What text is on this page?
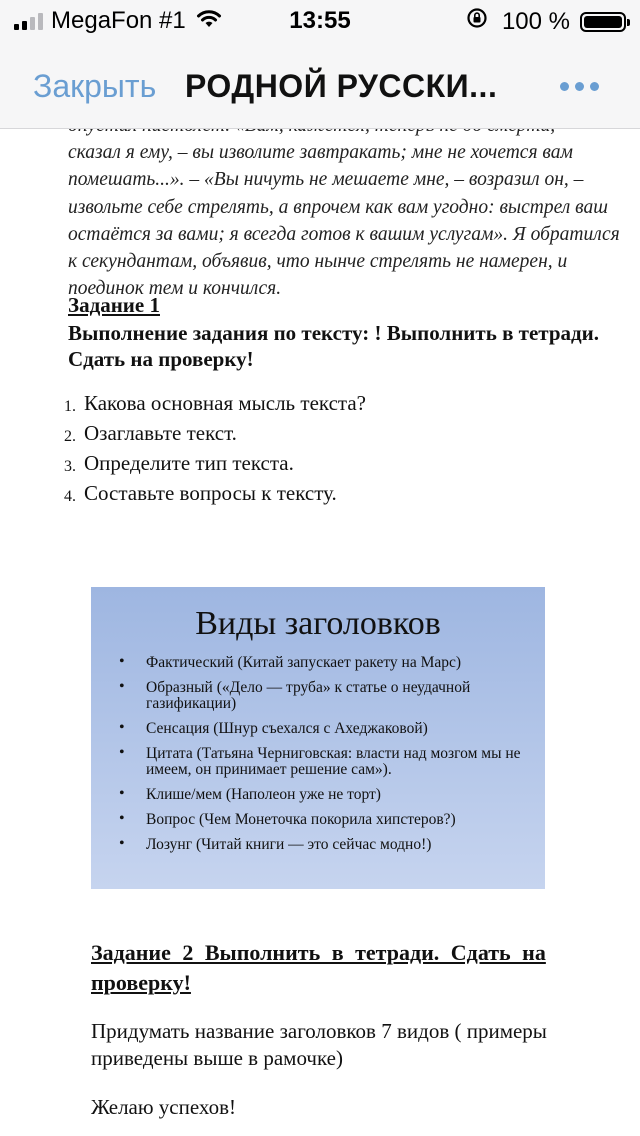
сказал я ему, – вы изволите завтракать; мне не хочется вам помешать...». – «Вы ничуть не мешаете мне, – возразил он, – извольте себе стрелять, а впрочем как вам угодно: выстрел ваш остаётся за вами; я всегда готов к вашим услугам». Я обратился к секундантам, объявив, что нынче стрелять не намерен, и поединок тем и кончился.

Задание 1

Выполнение задания по тексту: ! Выполнить в тетради. Сдать на проверку!

1. Какова основная мысль текста?
2. Озаглавьте текст.
3. Определите тип текста.
4. Составьте вопросы к тексту.

Виды заголовков

• Фактический (Китай запускает ракету на Марс)
• Образный («Дело — труба» к статье о неудачной газификации)
• Сенсация (Шнур съехался с Ахеджаковой)
• Цитата (Татьяна Черниговская: власти над мозгом мы не имеем, он принимает решение сам»).
• Клише/мем (Наполеон уже не торт)
• Вопрос (Чем Монеточка покорила хипстеров?)
• Лозунг (Читай книги — это сейчас модно!)

Задание 2 Выполнить в тетради. Сдать на проверку!

Придумать название заголовков 7 видов ( примеры приведены выше в рамочке)

Желаю успехов!

MegaFon #1	13:55	100 %
Закрыть РОДНОЙ РУССКИ...
